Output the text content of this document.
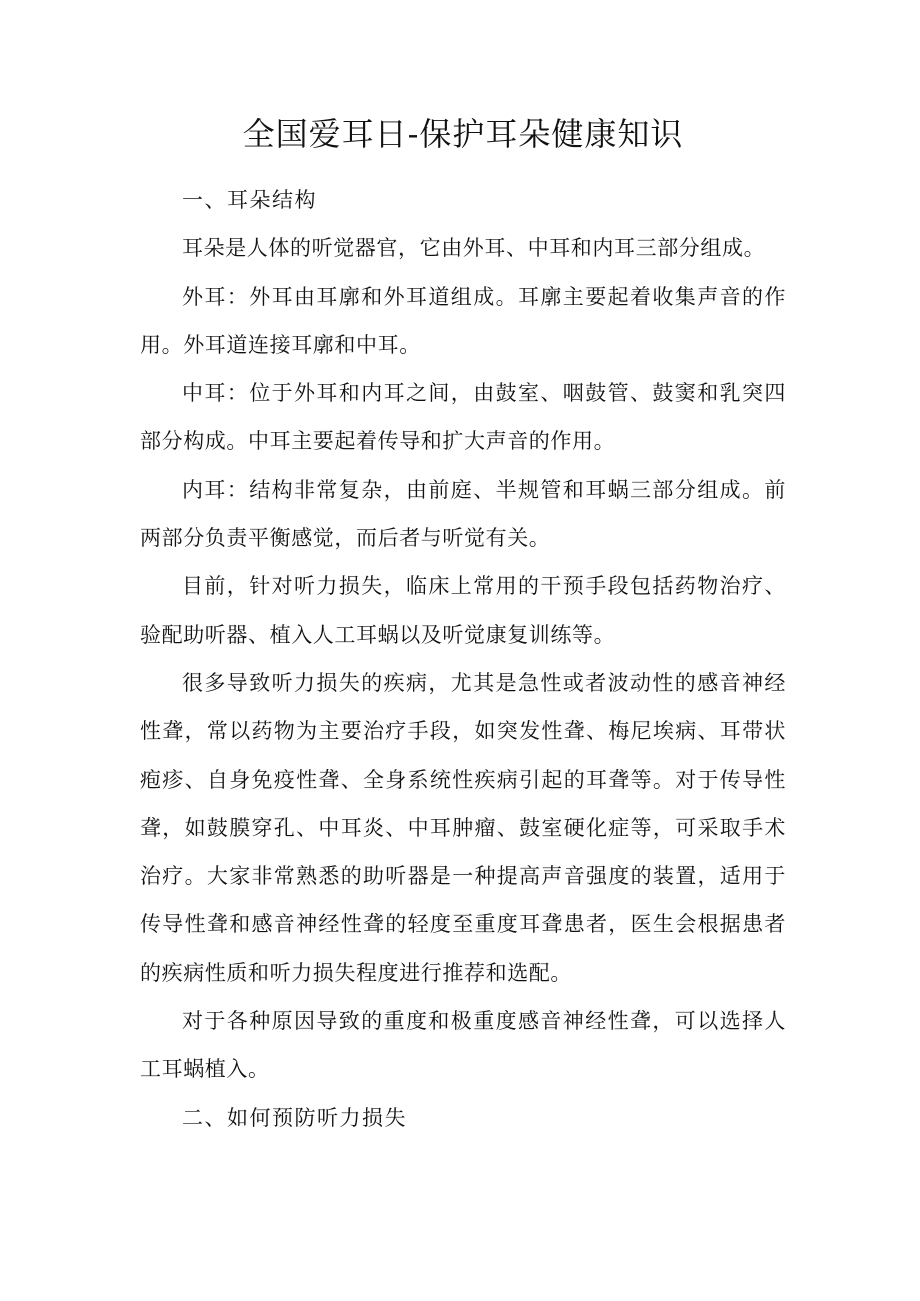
全国爱耳日-保护耳朵健康知识

一、耳朵结构

耳朵是人体的听觉器官，它由外耳、中耳和内耳三部分组成。

外耳：外耳由耳廓和外耳道组成。耳廓主要起着收集声音的作用。外耳道连接耳廓和中耳。

中耳：位于外耳和内耳之间，由鼓室、咽鼓管、鼓窦和乳突四部分构成。中耳主要起着传导和扩大声音的作用。

内耳：结构非常复杂，由前庭、半规管和耳蜗三部分组成。前两部分负责平衡感觉，而后者与听觉有关。

目前，针对听力损失，临床上常用的干预手段包括药物治疗、验配助听器、植入人工耳蜗以及听觉康复训练等。

很多导致听力损失的疾病，尤其是急性或者波动性的感音神经性聋，常以药物为主要治疗手段，如突发性聋、梅尼埃病、耳带状疱疹、自身免疫性聋、全身系统性疾病引起的耳聋等。对于传导性聋，如鼓膜穿孔、中耳炎、中耳肿瘤、鼓室硬化症等，可采取手术治疗。大家非常熟悉的助听器是一种提高声音强度的装置，适用于传导性聋和感音神经性聋的轻度至重度耳聋患者，医生会根据患者的疾病性质和听力损失程度进行推荐和选配。

对于各种原因导致的重度和极重度感音神经性聋，可以选择人工耳蜗植入。

二、如何预防听力损失
